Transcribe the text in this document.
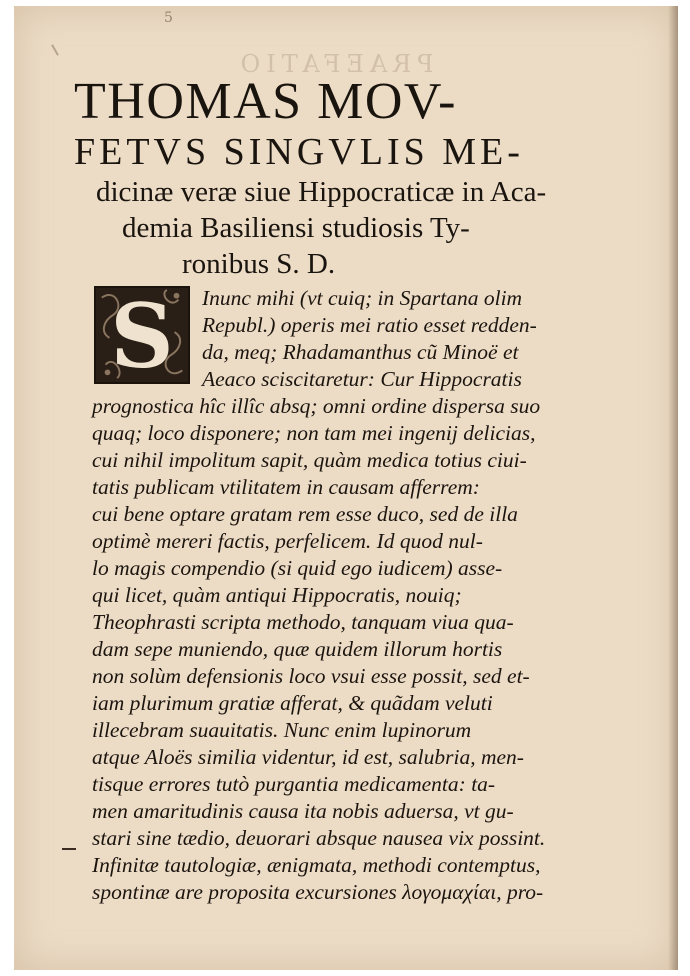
5
PRAEFATIO
THOMAS MOV-
FETVS SINGVLIS ME-
dicinæ veræ siue Hippocraticæ in Aca-
demia Basiliensi studiosis Ty-
ronibus S. D.
S	Inunc mihi (vt cuiq; in Spartana olim
Republ.) operis mei ratio esset redden-
da, meq; Rhadamanthus cũ Minoë et
Aeaco sciscitaretur: Cur Hippocratis
prognostica hîc illîc absq; omni ordine dispersa suo
quaq; loco disponere; non tam mei ingenij delicias,
cui nihil impolitum sapit, quàm medica totius ciui-
tatis publicam vtilitatem in causam afferrem:
cui bene optare gratam rem esse duco, sed de illa
optimè mereri factis, perfelicem. Id quod nul-
lo magis compendio (si quid ego iudicem) asse-
qui licet, quàm antiqui Hippocratis, nouiq;
Theophrasti scripta methodo, tanquam viua qua-
dam sepe muniendo, quæ quidem illorum hortis
non solùm defensionis loco vsui esse possit, sed et-
iam plurimum gratiæ afferat, & quãdam veluti
illecebram suauitatis. Nunc enim lupinorum
atque Aloës similia videntur, id est, salubria, men-
tisque errores tutò purgantia medicamenta: ta-
men amaritudinis causa ita nobis aduersa, vt gu-
stari sine tædio, deuorari absque nausea vix possint.
Infinitæ tautologiæ, ænigmata, methodi contemptus,
spontinæ are proposita excursiones λογομαχίαι, pro-
